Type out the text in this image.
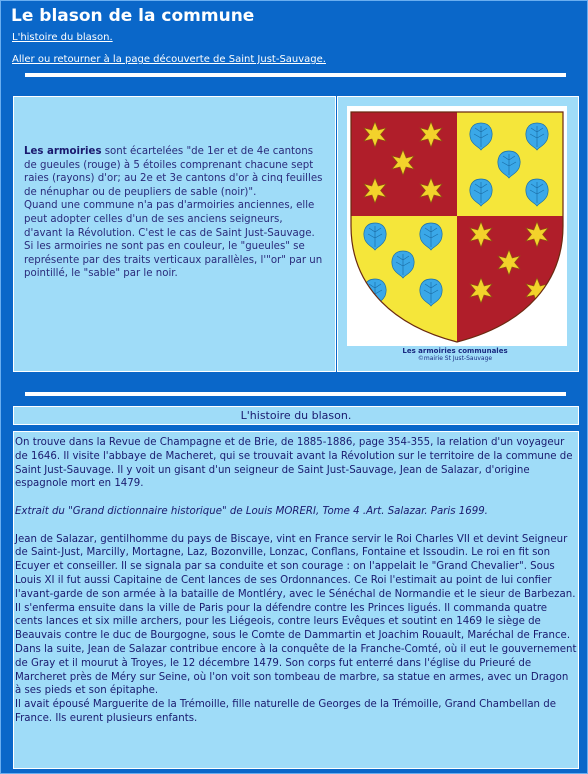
Le blason de la commune
L'histoire du blason.
Aller ou retourner à la page découverte de Saint Just-Sauvage.

Les armoiries sont écartelées "de 1er et de 4e cantons de gueules (rouge) à 5 étoiles comprenant chacune sept raies (rayons) d'or; au 2e et 3e cantons d'or à cinq feuilles de nénuphar ou de peupliers de sable (noir)".

Quand une commune n'a pas d'armoiries anciennes, elle peut adopter celles d'un de ses anciens seigneurs, d'avant la Révolution. C'est le cas de Saint Just-Sauvage.

Si les armoiries ne sont pas en couleur, le "gueules" se représente par des traits verticaux parallèles, l'"or" par un pointillé, le "sable" par le noir.

Les armoiries communales
©mairie St Just-Sauvage
L'histoire du blason.

On trouve dans la Revue de Champagne et de Brie, de 1885-1886, page 354-355, la relation d'un voyageur de 1646. Il visite l'abbaye de Macheret, qui se trouvait avant la Révolution sur le territoire de la commune de Saint Just-Sauvage. Il y voit un gisant d'un seigneur de Saint Just-Sauvage, Jean de Salazar, d'origine espagnole mort en 1479.

Extrait du "Grand dictionnaire historique" de Louis MORERI, Tome 4 .Art. Salazar. Paris 1699.

Jean de Salazar, gentilhomme du pays de Biscaye, vint en France servir le Roi Charles VII et devint Seigneur de Saint-Just, Marcilly, Mortagne, Laz, Bozonville, Lonzac, Conflans, Fontaine et Issoudin. Le roi en fit son Ecuyer et conseiller. Il se signala par sa conduite et son courage : on l'appelait le "Grand Chevalier". Sous Louis XI il fut aussi Capitaine de Cent lances de ses Ordonnances. Ce Roi l'estimait au point de lui confier l'avant-garde de son armée à la bataille de Montléry, avec le Sénéchal de Normandie et le sieur de Barbezan. Il s'enferma ensuite dans la ville de Paris pour la défendre contre les Princes ligués. Il commanda quatre cents lances et six mille archers, pour les Liégeois, contre leurs Evêques et soutint en 1469 le siège de Beauvais contre le duc de Bourgogne, sous le Comte de Dammartin et Joachim Rouault, Maréchal de France.

Dans la suite, Jean de Salazar contribue encore à la conquête de la Franche-Comté, où il eut le gouvernement de Gray et il mourut à Troyes, le 12 décembre 1479. Son corps fut enterré dans l'église du Prieuré de Marcheret près de Méry sur Seine, où l'on voit son tombeau de marbre, sa statue en armes, avec un Dragon à ses pieds et son épitaphe.

Il avait épousé Marguerite de la Trémoille, fille naturelle de Georges de la Trémoille, Grand Chambellan de France. Ils eurent plusieurs enfants.
